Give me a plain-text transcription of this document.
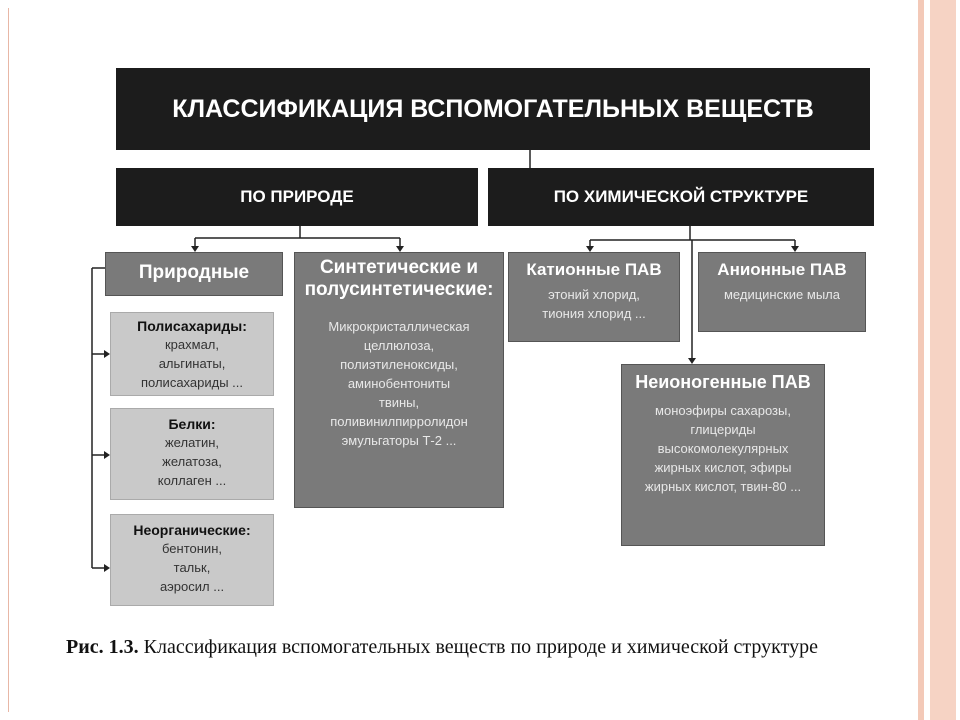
КЛАССИФИКАЦИЯ ВСПОМОГАТЕЛЬНЫХ ВЕЩЕСТВ
ПО ПРИРОДЕ	ПО ХИМИЧЕСКОЙ СТРУКТУРЕ
Природные
Полисахариды:
крахмал,
альгинаты,
полисахариды ...
Белки:
желатин,
желатоза,
коллаген ...
Неорганические:
бентонин,
тальк,
аэросил ...
Синтетические и полусинтетические:
Микрокристаллическая
целлюлоза,
полиэтиленоксиды,
аминобентониты
твины,
поливинилпирролидон
эмульгаторы Т-2 ...
Катионные ПАВ
этоний хлорид,
тиония хлорид ...
Анионные ПАВ
медицинские мыла
Неионогенные ПАВ
моноэфиры сахарозы,
глицериды
высокомолекулярных
жирных кислот, эфиры
жирных кислот, твин-80 ...
Рис. 1.3. Классификация вспомогательных веществ по природе и химической структуре
